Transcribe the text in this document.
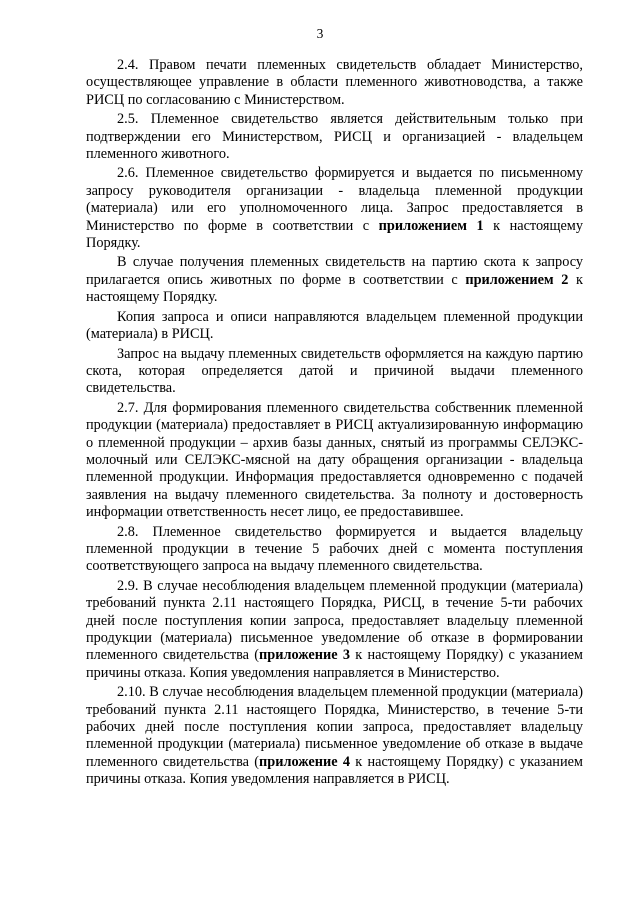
3

2.4. Правом печати племенных свидетельств обладает Министерство, осуществляющее управление в области племенного животноводства, а также РИСЦ по согласованию с Министерством.

2.5. Племенное свидетельство является действительным только при подтверждении его Министерством, РИСЦ и организацией - владельцем племенного животного.

2.6. Племенное свидетельство формируется и выдается по письменному запросу руководителя организации - владельца племенной продукции (материала) или его уполномоченного лица. Запрос предоставляется в Министерство по форме в соответствии с приложением 1 к настоящему Порядку.

В случае получения племенных свидетельств на партию скота к запросу прилагается опись животных по форме в соответствии с приложением 2 к настоящему Порядку.

Копия запроса и описи направляются владельцем племенной продукции (материала) в РИСЦ.

Запрос на выдачу племенных свидетельств оформляется на каждую партию скота, которая определяется датой и причиной выдачи племенного свидетельства.

2.7. Для формирования племенного свидетельства собственник племенной продукции (материала) предоставляет в РИСЦ актуализированную информацию о племенной продукции – архив базы данных, снятый из программы СЕЛЭКС-молочный или СЕЛЭКС-мясной на дату обращения организации - владельца племенной продукции. Информация предоставляется одновременно с подачей заявления на выдачу племенного свидетельства. За полноту и достоверность информации ответственность несет лицо, ее предоставившее.

2.8. Племенное свидетельство формируется и выдается владельцу племенной продукции в течение 5 рабочих дней с момента поступления соответствующего запроса на выдачу племенного свидетельства.

2.9. В случае несоблюдения владельцем племенной продукции (материала) требований пункта 2.11 настоящего Порядка, РИСЦ, в течение 5-ти рабочих дней после поступления копии запроса, предоставляет владельцу племенной продукции (материала) письменное уведомление об отказе в формировании племенного свидетельства (приложение 3 к настоящему Порядку) с указанием причины отказа. Копия уведомления направляется в Министерство.

2.10. В случае несоблюдения владельцем племенной продукции (материала) требований пункта 2.11 настоящего Порядка, Министерство, в течение 5-ти рабочих дней после поступления копии запроса, предоставляет владельцу племенной продукции (материала) письменное уведомление об отказе в выдаче племенного свидетельства (приложение 4 к настоящему Порядку) с указанием причины отказа. Копия уведомления направляется в РИСЦ.
